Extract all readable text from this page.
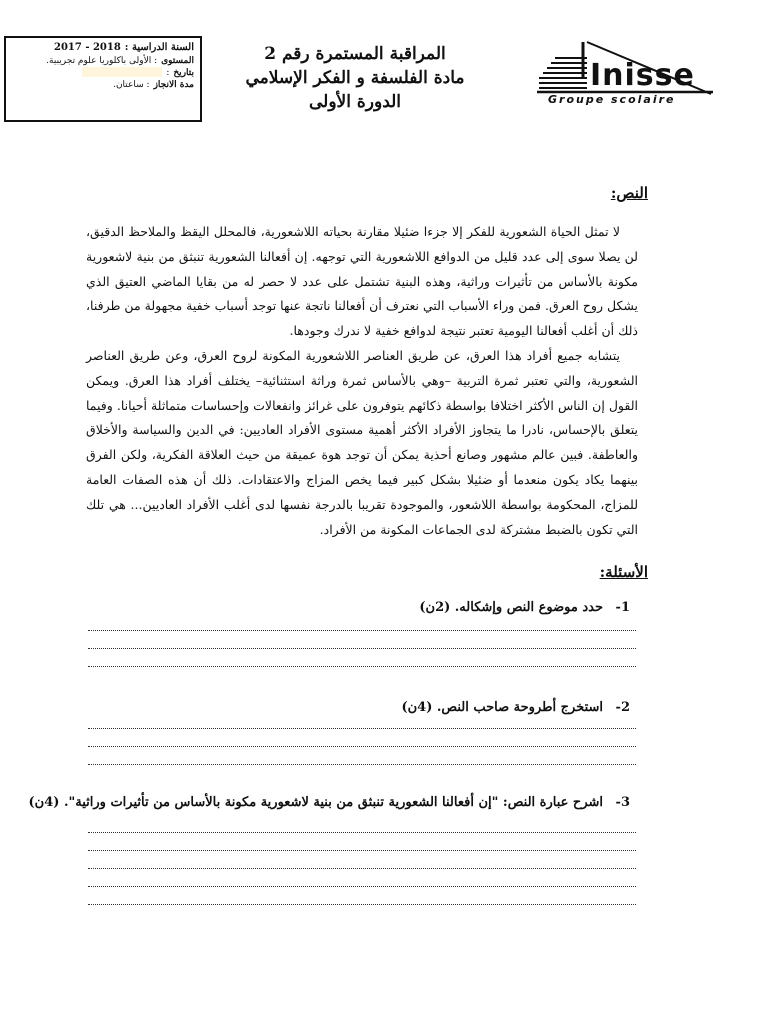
السنة الدراسية :
2017 - 2018
المستوى
: الأولى باكلوريا علوم تجريبية.
بتاريخ
:
مدة الانجاز
: ساعتان.
المراقبة المستمرة رقم 2
مادة الفلسفة و الفكر الإسلامي
الدورة الأولى
Inisse
Groupe scolaire
النص:

لا تمثل الحياة الشعورية للفكر إلا جزءا ضئيلا مقارنة بحياته اللاشعورية، فالمحلل اليقظ والملاحظ الدقيق، لن يصلا سوى إلى عدد قليل من الدوافع اللاشعورية التي توجهه. إن أفعالنا الشعورية تنبثق من بنية لاشعورية مكونة بالأساس من تأثيرات وراثية، وهذه البنية تشتمل على عدد لا حصر له من بقايا الماضي العتيق الذي يشكل روح العرق. فمن وراء الأسباب التي نعترف أن أفعالنا ناتجة عنها توجد أسباب خفية مجهولة من طرفنا، ذلك أن أغلب أفعالنا اليومية تعتبر نتيجة لدوافع خفية لا ندرك وجودها.

يتشابه جميع أفراد هذا العرق، عن طريق العناصر اللاشعورية المكونة لروح العرق، وعن طريق العناصر الشعورية، والتي تعتبر ثمرة التربية –وهي بالأساس ثمرة وراثة استثنائية– يختلف أفراد هذا العرق. ويمكن القول إن الناس الأكثر اختلافا بواسطة ذكائهم يتوفرون على غرائز وانفعالات وإحساسات متماثلة أحيانا. وفيما يتعلق بالإحساس، نادرا ما يتجاوز الأفراد الأكثر أهمية مستوى الأفراد العاديين: في الدين والسياسة والأخلاق والعاطفة. فبين عالم مشهور وصانع أحذية يمكن أن توجد هوة عميقة من حيث العلاقة الفكرية، ولكن الفرق بينهما يكاد يكون منعدما أو ضئيلا بشكل كبير فيما يخص المزاج والاعتقادات. ذلك أن هذه الصفات العامة للمزاج، المحكومة بواسطة اللاشعور، والموجودة تقريبا بالدرجة نفسها لدى أغلب الأفراد العاديين... هي تلك التي تكون بالضبط مشتركة لدى الجماعات المكونة من الأفراد.

الأسئلة:
1- حدد موضوع النص وإشكاله. (2ن)
2- استخرج أطروحة صاحب النص. (4ن)
3- اشرح عبارة النص: "إن أفعالنا الشعورية تنبثق من بنية لاشعورية مكونة بالأساس من تأثيرات وراثية". (4ن)
